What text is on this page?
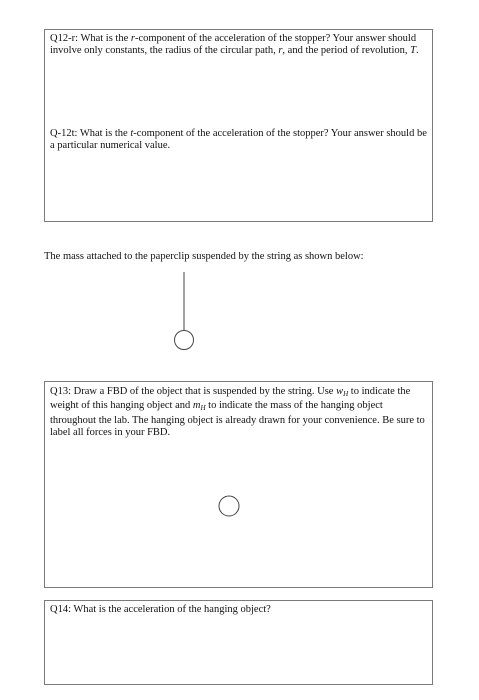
Q12-r: What is the r-component of the acceleration of the stopper? Your answer should involve only constants, the radius of the circular path, r, and the period of revolution, T.

Q-12t: What is the t-component of the acceleration of the stopper? Your answer should be a particular numerical value.

The mass attached to the paperclip suspended by the string as shown below:

Q13: Draw a FBD of the object that is suspended by the string. Use $w_H$ to indicate the weight of this hanging object and $m_H$ to indicate the mass of the hanging object throughout the lab. The hanging object is already drawn for your convenience. Be sure to label all forces in your FBD.

Q14: What is the acceleration of the hanging object?
